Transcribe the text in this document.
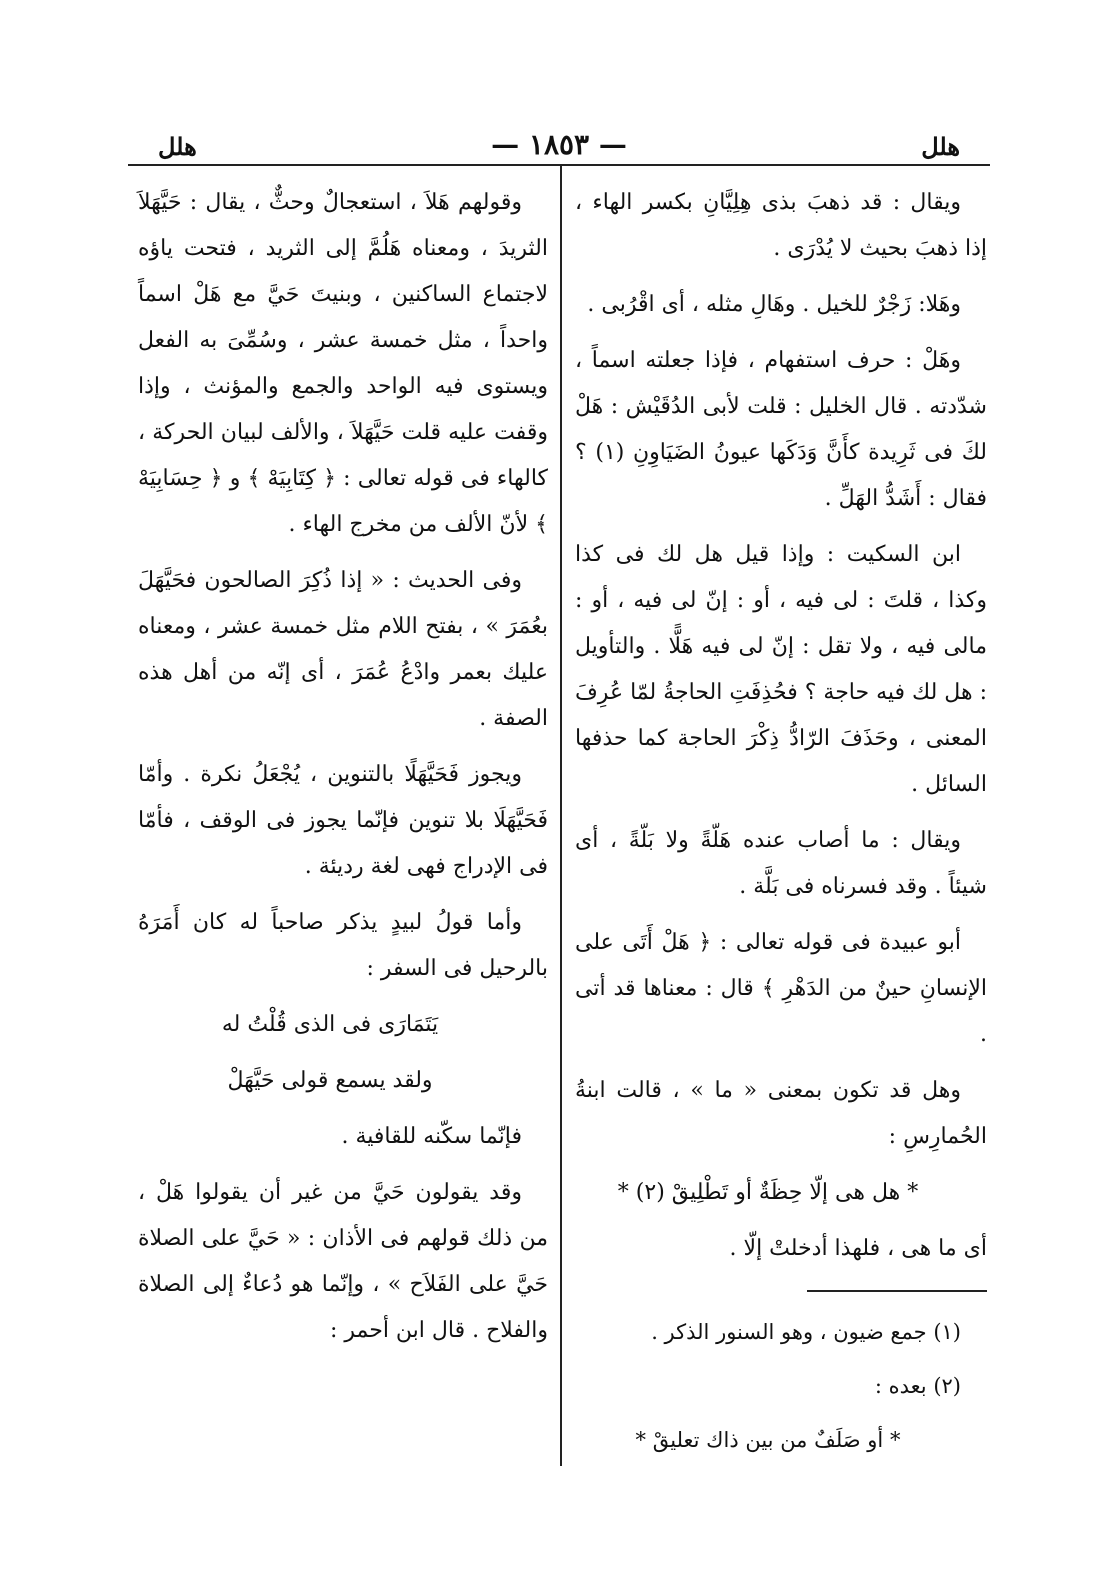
هلل
— ١٨٥٣ —
هلل

ويقال : قد ذهبَ بذى هِلِيَّانِ بكسر الهاء ، إذا ذهبَ بحيث لا يُدْرَى .

وهَلا: زَجْرٌ للخيل . وهَالِ مثله ، أى اقْرُبى .

وهَلْ : حرف استفهام ، فإذا جعلته اسماً ، شدّدته . قال الخليل : قلت لأبى الدُقَيْش : هَلْ لكَ فى ثَرِيدة كأَنَّ وَدَكَها عيونُ الضَيَاوِنِ (١) ؟ فقال : أَشَدُّ الهَلِّ .

ابن السكيت : وإذا قيل هل لك فى كذا وكذا ، قلتَ : لى فيه ، أو : إنّ لى فيه ، أو : مالى فيه ، ولا تقل : إنّ لى فيه هَلًّا . والتأويل : هل لك فيه حاجة ؟ فحُذِفَتِ الحاجةُ لمّا عُرِفَ المعنى ، وحَذَفَ الرّادُّ ذِكْرَ الحاجة كما حذفها السائل .

ويقال : ما أصاب عنده هَلّةً ولا بَلّةً ، أى شيئاً . وقد فسرناه فى بَلَّة .

أبو عبيدة فى قوله تعالى : ﴿ هَلْ أَتَى على الإنسانِ حينٌ من الدَهْرِ ﴾ قال : معناها قد أتى .

وهل قد تكون بمعنى « ما » ، قالت ابنةُ الحُمارِسِ :

* هل هى إلّا حِظَةٌ أو تَطْلِيقْ (٢) *

أى ما هى ، فلهذا أدخلتْ إلّا .

(١) جمع ضيون ، وهو السنور الذكر .

(٢) بعده :

* أو صَلَفٌ من بين ذاك تعليقْ *

وقولهم هَلاَ ، استعجالٌ وحثٌّ ، يقال : حَيَّهَلاَ الثريدَ ، ومعناه هَلُمَّ إلى الثريد ، فتحت ياؤه لاجتماع الساكنين ، وبنيتَ حَيَّ مع هَلْ اسماً واحداً ، مثل خمسة عشر ، وسُمِّىَ به الفعل ويستوى فيه الواحد والجمع والمؤنث ، وإذا وقفت عليه قلت حَيَّهَلاَ ، والألف لبيان الحركة ، كالهاء فى قوله تعالى : ﴿ كِتَابِيَهْ ﴾ و ﴿ حِسَابِيَهْ ﴾ لأنّ الألف من مخرج الهاء .

وفى الحديث : « إذا ذُكِرَ الصالحون فحَيَّهَلَ بعُمَرَ » ، بفتح اللام مثل خمسة عشر ، ومعناه عليك بعمر وادْعُ عُمَرَ ، أى إنّه من أهل هذه الصفة .

ويجوز فَحَيَّهَلًا بالتنوين ، يُجْعَلُ نكرة . وأمّا فَحَيَّهَلَا بلا تنوين فإنّما يجوز فى الوقف ، فأمّا فى الإدراج فهى لغة رديئة .

وأما قولُ لبيدٍ يذكر صاحباً له كان أَمَرَهُ بالرحيل فى السفر :

يَتَمَارَى فى الذى قُلْتُ له

ولقد يسمع قولى حَيَّهَلْ

فإنّما سكّنه للقافية .

وقد يقولون حَيَّ من غير أن يقولوا هَلْ ، من ذلك قولهم فى الأذان : « حَيَّ على الصلاة حَيَّ على الفَلاَح » ، وإنّما هو دُعاءٌ إلى الصلاة والفلاح . قال ابن أحمر :
